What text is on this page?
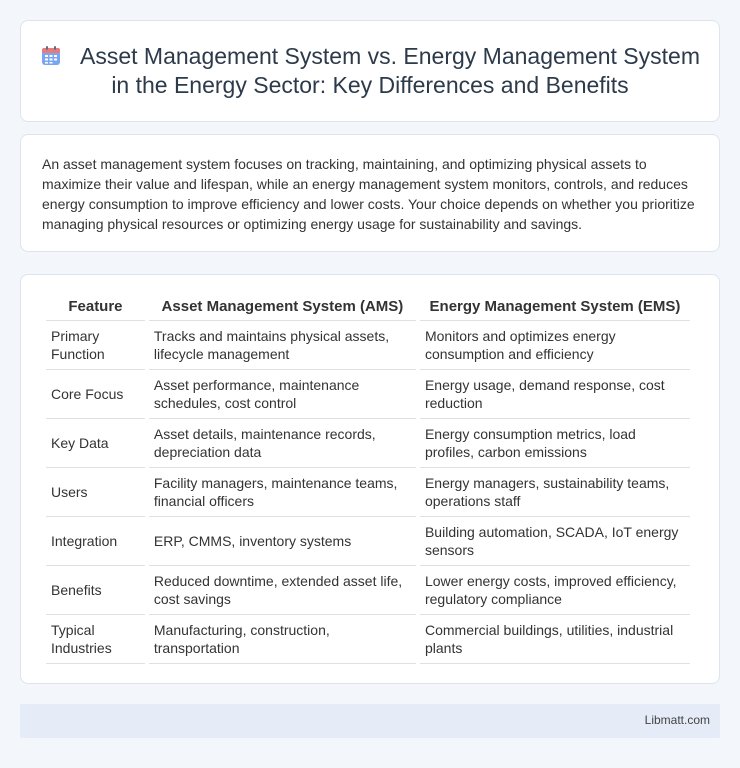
Asset Management System vs. Energy Management System in the Energy Sector: Key Differences and Benefits

An asset management system focuses on tracking, maintaining, and optimizing physical assets to maximize their value and lifespan, while an energy management system monitors, controls, and reduces energy consumption to improve efficiency and lower costs. Your choice depends on whether you prioritize managing physical resources or optimizing energy usage for sustainability and savings.

Feature	Asset Management System (AMS)	Energy Management System (EMS)
Primary Function	Tracks and maintains physical assets, lifecycle management	Monitors and optimizes energy consumption and efficiency
Core Focus	Asset performance, maintenance schedules, cost control	Energy usage, demand response, cost reduction
Key Data	Asset details, maintenance records, depreciation data	Energy consumption metrics, load profiles, carbon emissions
Users	Facility managers, maintenance teams, financial officers	Energy managers, sustainability teams, operations staff
Integration	ERP, CMMS, inventory systems	Building automation, SCADA, IoT energy sensors
Benefits	Reduced downtime, extended asset life, cost savings	Lower energy costs, improved efficiency, regulatory compliance
Typical Industries	Manufacturing, construction, transportation	Commercial buildings, utilities, industrial plants
Libmatt.com
